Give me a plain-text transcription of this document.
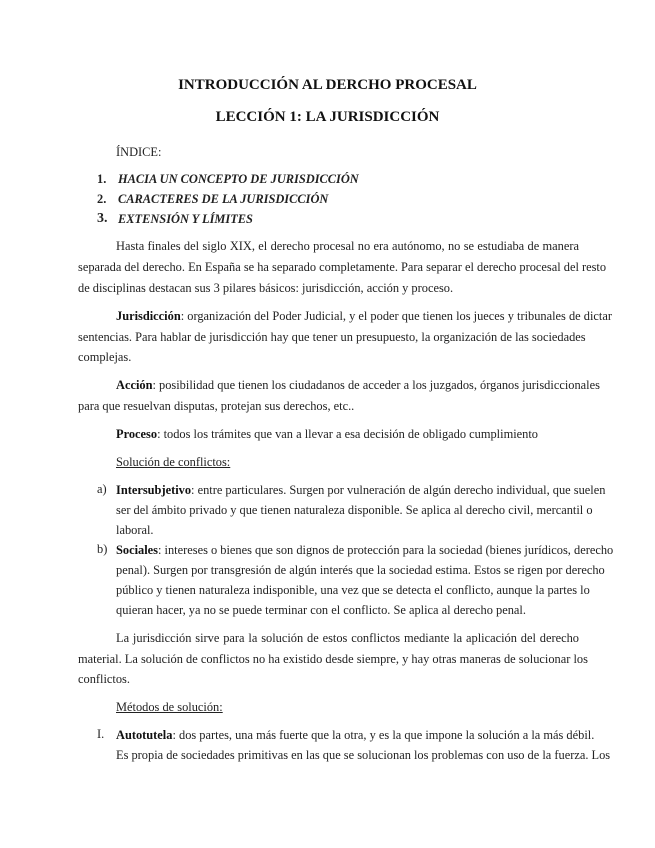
INTRODUCCIÓN AL DERCHO PROCESAL
LECCIÓN 1: LA JURISDICCIÓN
ÍNDICE:
1. HACIA UN CONCEPTO DE JURISDICCIÓN
2. CARACTERES DE LA JURISDICCIÓN
3. EXTENSIÓN Y LÍMITES
Hasta finales del siglo XIX, el derecho procesal no era autónomo, no se estudiaba de manera
separada del derecho. En España se ha separado completamente. Para separar el derecho procesal del resto
de disciplinas destacan sus 3 pilares básicos: jurisdicción, acción y proceso.
Jurisdicción: organización del Poder Judicial, y el poder que tienen los jueces y tribunales de dictar
sentencias. Para hablar de jurisdicción hay que tener un presupuesto, la organización de las sociedades
complejas.
Acción: posibilidad que tienen los ciudadanos de acceder a los juzgados, órganos jurisdiccionales
para que resuelvan disputas, protejan sus derechos, etc..
Proceso: todos los trámites que van a llevar a esa decisión de obligado cumplimiento
Solución de conflictos:
a) Intersubjetivo: entre particulares. Surgen por vulneración de algún derecho individual, que suelen
ser del ámbito privado y que tienen naturaleza disponible. Se aplica al derecho civil, mercantil o
laboral.
b) Sociales: intereses o bienes que son dignos de protección para la sociedad (bienes jurídicos, derecho
penal). Surgen por transgresión de algún interés que la sociedad estima. Estos se rigen por derecho
público y tienen naturaleza indisponible, una vez que se detecta el conflicto, aunque la partes lo
quieran hacer, ya no se puede terminar con el conflicto. Se aplica al derecho penal.
La jurisdicción sirve para la solución de estos conflictos mediante la aplicación del derecho
material. La solución de conflictos no ha existido desde siempre, y hay otras maneras de solucionar los
conflictos.
Métodos de solución:
I. Autotutela: dos partes, una más fuerte que la otra, y es la que impone la solución a la más débil.
Es propia de sociedades primitivas en las que se solucionan los problemas con uso de la fuerza. Los
